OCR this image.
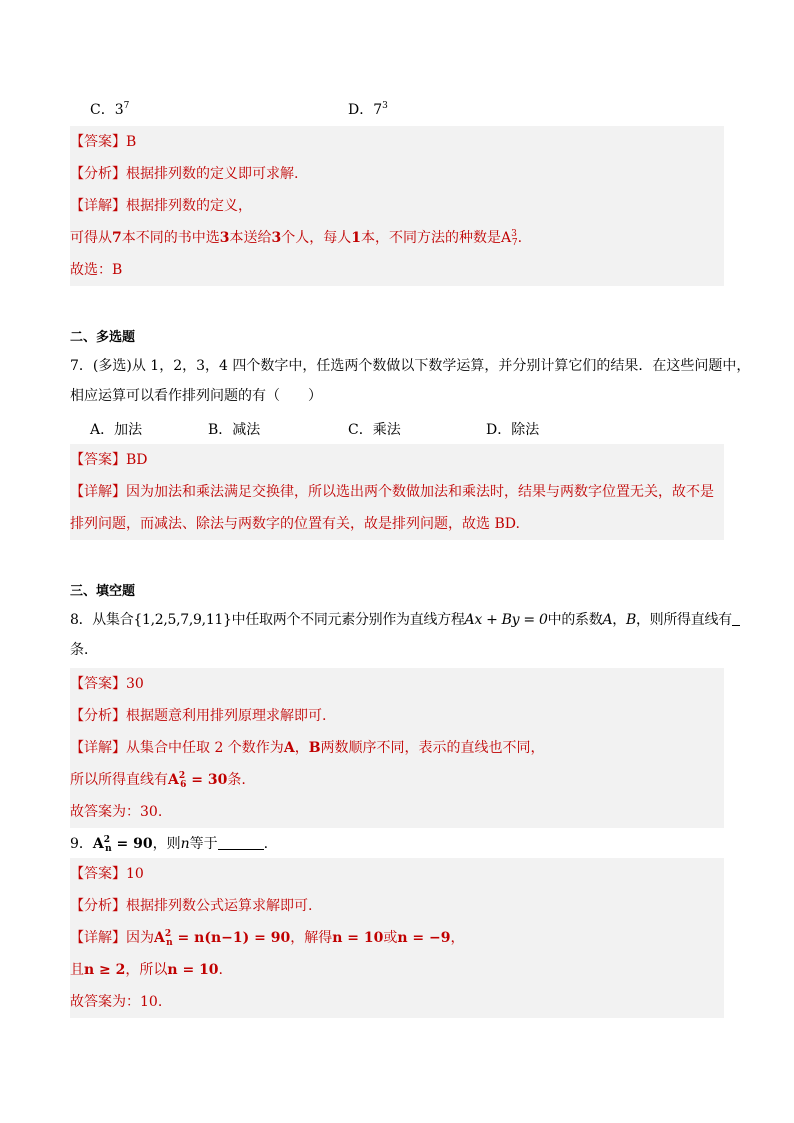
C．$3^7$	D．$7^3$
【答案】B
【分析】根据排列数的定义即可求解.
【详解】根据排列数的定义，
可得从7本不同的书中选3本送给3个人，每人1本，不同方法的种数是$A^3_7$.
故选：B
二、多选题
7．(多选)从 1，2，3，4 四个数字中，任选两个数做以下数学运算，并分别计算它们的结果．在这些问题中，
相应运算可以看作排列问题的有（　　）
A．加法	B．减法	C．乘法	D．除法
【答案】BD
【详解】因为加法和乘法满足交换律，所以选出两个数做加法和乘法时，结果与两数字位置无关，故不是
排列问题，而减法、除法与两数字的位置有关，故是排列问题，故选 BD.
三、填空题
8．从集合{1,2,5,7,9,11}中任取两个不同元素分别作为直线方程Ax + By = 0中的系数A，B，则所得直线有
条．
【答案】30
【分析】根据题意利用排列原理求解即可.
【详解】从集合中任取 2 个数作为A，B两数顺序不同，表示的直线也不同，
所以所得直线有$A^2_6 = 30$条.
故答案为：30.
9．$A^2_n = 90$，则n等于	.
【答案】10
【分析】根据排列数公式运算求解即可.
【详解】因为$A^2_n = n(n-1) = 90$，解得n = 10或n = −9，
且n ≥ 2，所以n = 10.
故答案为：10.
